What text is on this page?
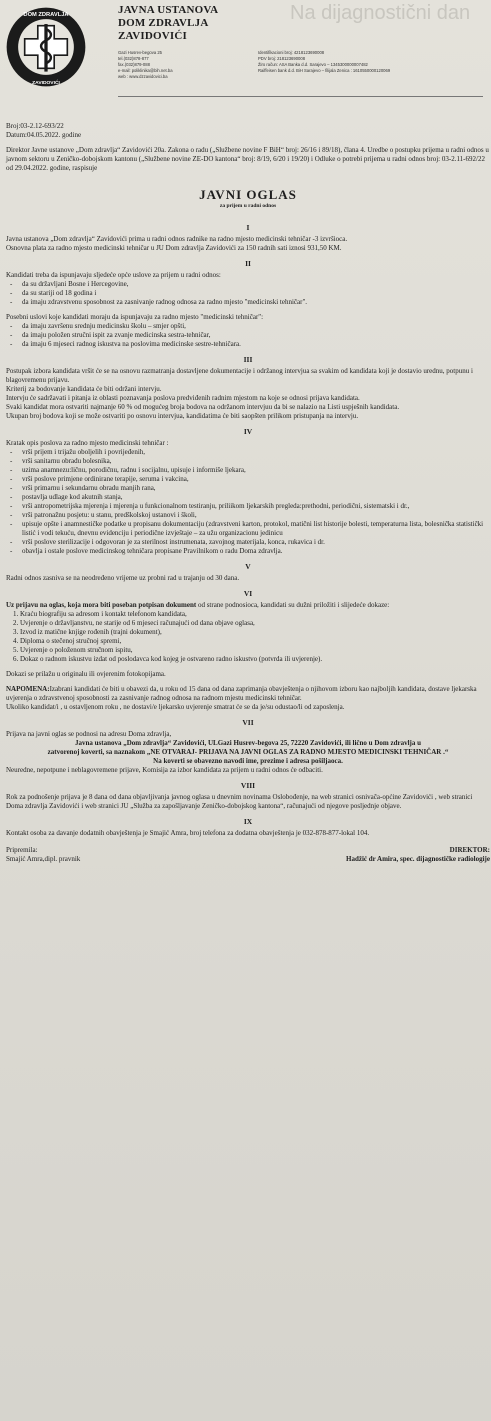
DOM ZDRAVLJA
ZAVIDOVIĆI
Na dijagnostični dan
JAVNA USTANOVA
DOM ZDRAVLJA
ZAVIDOVIĆI
Gazi Husrev-begova 25
tel.(032)878-877
fax.(032)879-088
e-mail: poliklinika@bih.net.ba
web : www.dzzavidovici.ba
Identifikacioni broj: 4218123690008
PDV broj: 218123690008
Žiro račun: ASA Banka d.d. Sarajevo – 1345300000007482
Raiffeisen bank d.d. BiH Sarajevo – filijala Zenica : 1610550000120069

Broj:03-2.12-693/22

Datum:04.05.2022. godine

Direktor Javne ustanove „Dom zdravlja“ Zavidovići 20a. Zakona o radu („Službene novine F BiH“ broj: 26/16 i 89/18), člana 4. Uredbe o postupku prijema u radni odnos u javnom sektoru u Zeničko-dobojskom kantonu („Službene novine ZE-DO kantona“ broj: 8/19, 6/20 i 19/20) i Odluke o potrebi prijema u radni odnos broj: 03-2.11-692/22 od 29.04.2022. godine, raspisuje

JAVNI OGLAS
za prijem u radni odnos
I

Javna ustanova „Dom zdravlja“ Zavidovići prima u radni odnos radnike na radno mjesto medicinski tehničar -3 izvršioca.

Osnovna plata za radno mjesto medicinski tehničar u JU Dom zdravlja Zavidovići za 150 radnih sati iznosi 931,50 KM.

II

Kandidati treba da ispunjavaju sljedeće opće uslove za prijem u radni odnos:

- da su državljani Bosne i Hercegovine,
- da su stariji od 18 godina i
- da imaju zdravstvenu sposobnost za zasnivanje radnog odnosa za radno mjesto "medicinski tehničar".

Posebni uslovi koje kandidati moraju da ispunjavaju za radno mjesto "medicinski tehničar":

- da imaju završenu srednju medicinsku školu – smjer opšti,
- da imaju položen stručni ispit za zvanje medicinska sestra-tehničar,
- da imaju 6 mjeseci radnog iskustva na poslovima medicinske sestre-tehničara.
III

Postupak izbora kandidata vršit će se na osnovu razmatranja dostavljene dokumentacije i održanog intervjua sa svakim od kandidata koji je dostavio urednu, potpunu i blagovremenu prijavu.

Kriterij za bodovanje kandidata će biti održani intervju.

Intervju će sadržavati i pitanja iz oblasti poznavanja poslova predviđenih radnim mjestom na koje se odnosi prijava kandidata.

Svaki kandidat mora ostvariti najmanje 60 % od mogućeg broja bodova na održanom intervjuu da bi se nalazio na Listi uspješnih kandidata.

Ukupan broj bodova koji se može ostvariti po osnovu intervjua, kandidatima će biti saopšten prilikom pristupanja na intervju.

IV

Kratak opis poslova za radno mjesto medicinski tehničar :

- vrši prijem i trijažu oboljelih i povrijeđenih,
- vrši sanitarnu obradu bolesnika,
- uzima anamnezu:ličnu, porodičnu, radnu i socijalnu, upisuje i informiše ljekara,
- vrši poslove primjene ordinirane terapije, seruma i vakcina,
- vrši primarnu i sekundarnu obradu manjih rana,
- postavlja udlage kod akutnih stanja,
- vrši antropometrijska mjerenja i mjerenja u funkcionalnom testiranju, priliikom ljekarskih pregleda:prethodni, periodični, sistematski i dr.,
- vrši patronažnu posjetu: u stanu, predškolskoj ustanovi i školi,
- upisuje opšte i anamnestičke podatke u propisanu dokumentaciju (zdravstveni karton, protokol, matični list historije bolesti, temperaturna lista, bolesnička statistički listić i vodi tekuću, dnevnu evidenciju i periodične izvještaje – za užu organizacionu jedinicu
- vrši poslove sterilizacije i odgovoran je za sterilnost instrumenata, zavojnog materijala, konca, rukavica i dr.
- obavlja i ostale poslove medicinskog tehničara propisane Pravilnikom o radu Doma zdravlja.
V

Radni odnos zasniva se na neodređeno vrijeme uz probni rad u trajanju od 30 dana.

VI

Uz prijavu na oglas, koja mora biti poseban potpisan dokument od strane podnosioca, kandidati su dužni priložiti i slijedeće dokaze:

1. Kraću biografiju sa adresom i kontakt telefonom kandidata,
2. Uvjerenje o državljanstvu, ne starije od 6 mjeseci računajući od dana objave oglasa,
3. Izvod iz matične knjige rođenih (trajni dokument),
4. Diploma o stečenoj stručnoj spremi,
5. Uvjerenje o položenom stručnom ispitu,
6. Dokaz o radnom iskustvu izdat od poslodavca kod kojeg je ostvareno radno iskustvo (potvrda ili uvjerenje).

Dokazi se prilažu u originalu ili ovjerenim fotokopijama.

NAPOMENA:Izabrani kandidati će biti u obavezi da, u roku od 15 dana od dana zaprimanja obavještenja o njihovom izboru kao najboljih kandidata, dostave ljekarska uvjerenja o zdravstvenoj sposobnosti za zasnivanje radnog odnosa na radnom mjestu medicinski tehničar.

Ukoliko kandidat/i , u ostavljenom roku , ne dostavi/e ljekarsko uvjerenje smatrat će se da je/su odustao/li od zaposlenja.

VII

Prijava na javni oglas se podnosi na adresu Doma zdravlja,

Javna ustanova „Dom zdravlja“ Zavidovići, ULGazi Husrev-begova 25, 72220 Zavidovići, ili lično u Dom zdravlja u

zatvorenoj koverti, sa naznakom „NE OTVARAJ- PRIJAVA NA JAVNI OGLAS ZA RADNO MJESTO MEDICINSKI TEHNIČAR .“

Na koverti se obavezno navodi ime, prezime i adresa pošiljaoca.

Neuredne, nepotpune i neblagovremene prijave, Komisija za izbor kandidata za prijem u radni odnos će odbaciti.

VIII

Rok za podnošenje prijava je 8 dana od dana objavljivanja javnog oglasa u dnevnim novinama Oslobođenje, na web stranici osnivača-općine Zavidovići , web stranici Doma zdravlja Zavidovići i web stranici JU „Služba za zapošljavanje Zeničko-dobojskog kantona“, računajući od njegove posljednje objave.

IX

Kontakt osoba za davanje dodatnih obavještenja je Smajić Amra, broj telefona za dodatna obavještenja je 032-878-877-lokal 104.

Pripremila:
Smajić Amra,dipl. pravnik
DIREKTOR:
Hadžić dr Amira, spec. dijagnostičke radiologije
